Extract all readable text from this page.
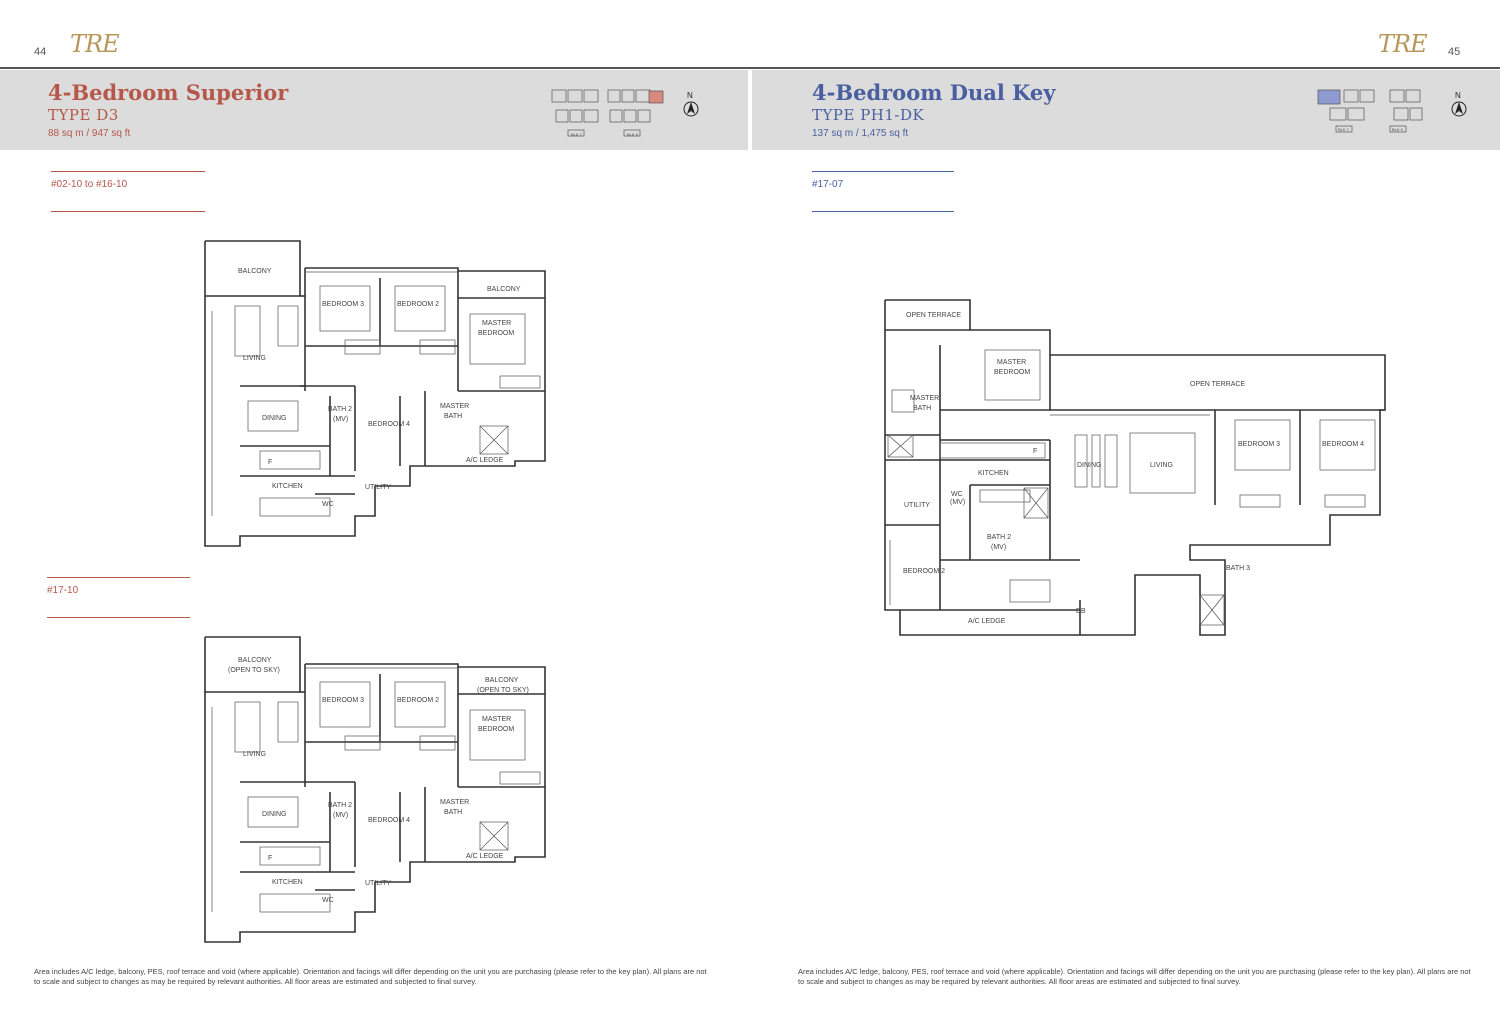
44 TRE	TRE 45
4-Bedroom Superior
TYPE D3
88 sq m / 947 sq ft
4-Bedroom Dual Key
TYPE PH1-DK
137 sq m / 1,475 sq ft
BLK 7	BLK 9
N
BLK 7	BLK 9
N
#02-10 to #16-10
#17-10
#17-07
BALCONY
BEDROOM 3	BEDROOM 2
BALCONY
MASTER
BEDROOM
LIVING
DINING
BATH 2
(MV)
BEDROOM 4
MASTER
BATH
A/C LEDGE
KITCHEN	UTILITY
WC
F
BALCONY
(OPEN TO SKY)
BEDROOM 3	BEDROOM 2
BALCONY
(OPEN TO SKY)
MASTER
BEDROOM
LIVING
DINING
BATH 2
(MV)
BEDROOM 4
MASTER
BATH
A/C LEDGE
KITCHEN	UTILITY
WC
F
OPEN TERRACE
MASTER
BEDROOM
MASTER
BATH
OPEN TERRACE
KITCHEN
DINING	LIVING
BEDROOM 3	BEDROOM 4
UTILITY
WC
(MV)
BATH 2
(MV)
BEDROOM 2	BATH 3
A/C LEDGE
DB
F
Area includes A/C ledge, balcony, PES, roof terrace and void (where applicable). Orientation and facings will differ depending on the unit you are purchasing (please refer to the key plan). All plans are not to scale and subject to changes as may be required by relevant authorities. All floor areas are estimated and subjected to final survey.
Area includes A/C ledge, balcony, PES, roof terrace and void (where applicable). Orientation and facings will differ depending on the unit you are purchasing (please refer to the key plan). All plans are not to scale and subject to changes as may be required by relevant authorities. All floor areas are estimated and subjected to final survey.
